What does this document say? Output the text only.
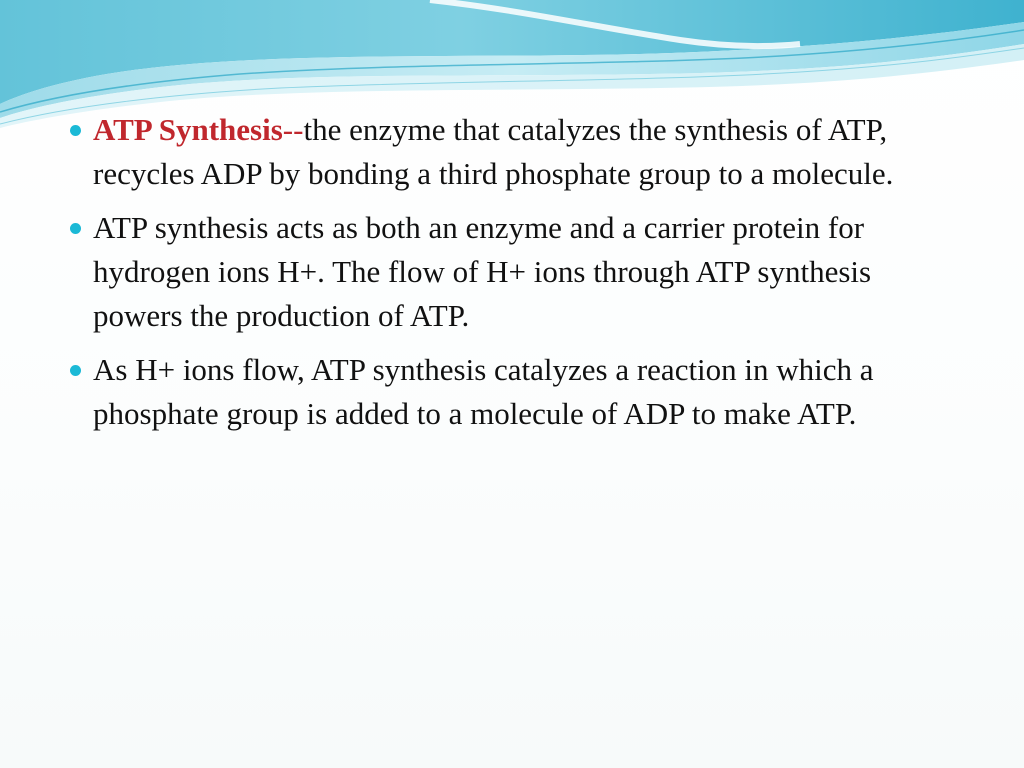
ATP Synthesis--the enzyme that catalyzes the synthesis of ATP, recycles ADP by bonding a third phosphate group to a molecule.
ATP synthesis acts as both an enzyme and a carrier protein for hydrogen ions H+. The flow of H+ ions through ATP synthesis powers the production of ATP.
As H+ ions flow, ATP synthesis catalyzes a reaction in which a phosphate group is added to a molecule of ADP to make ATP.
